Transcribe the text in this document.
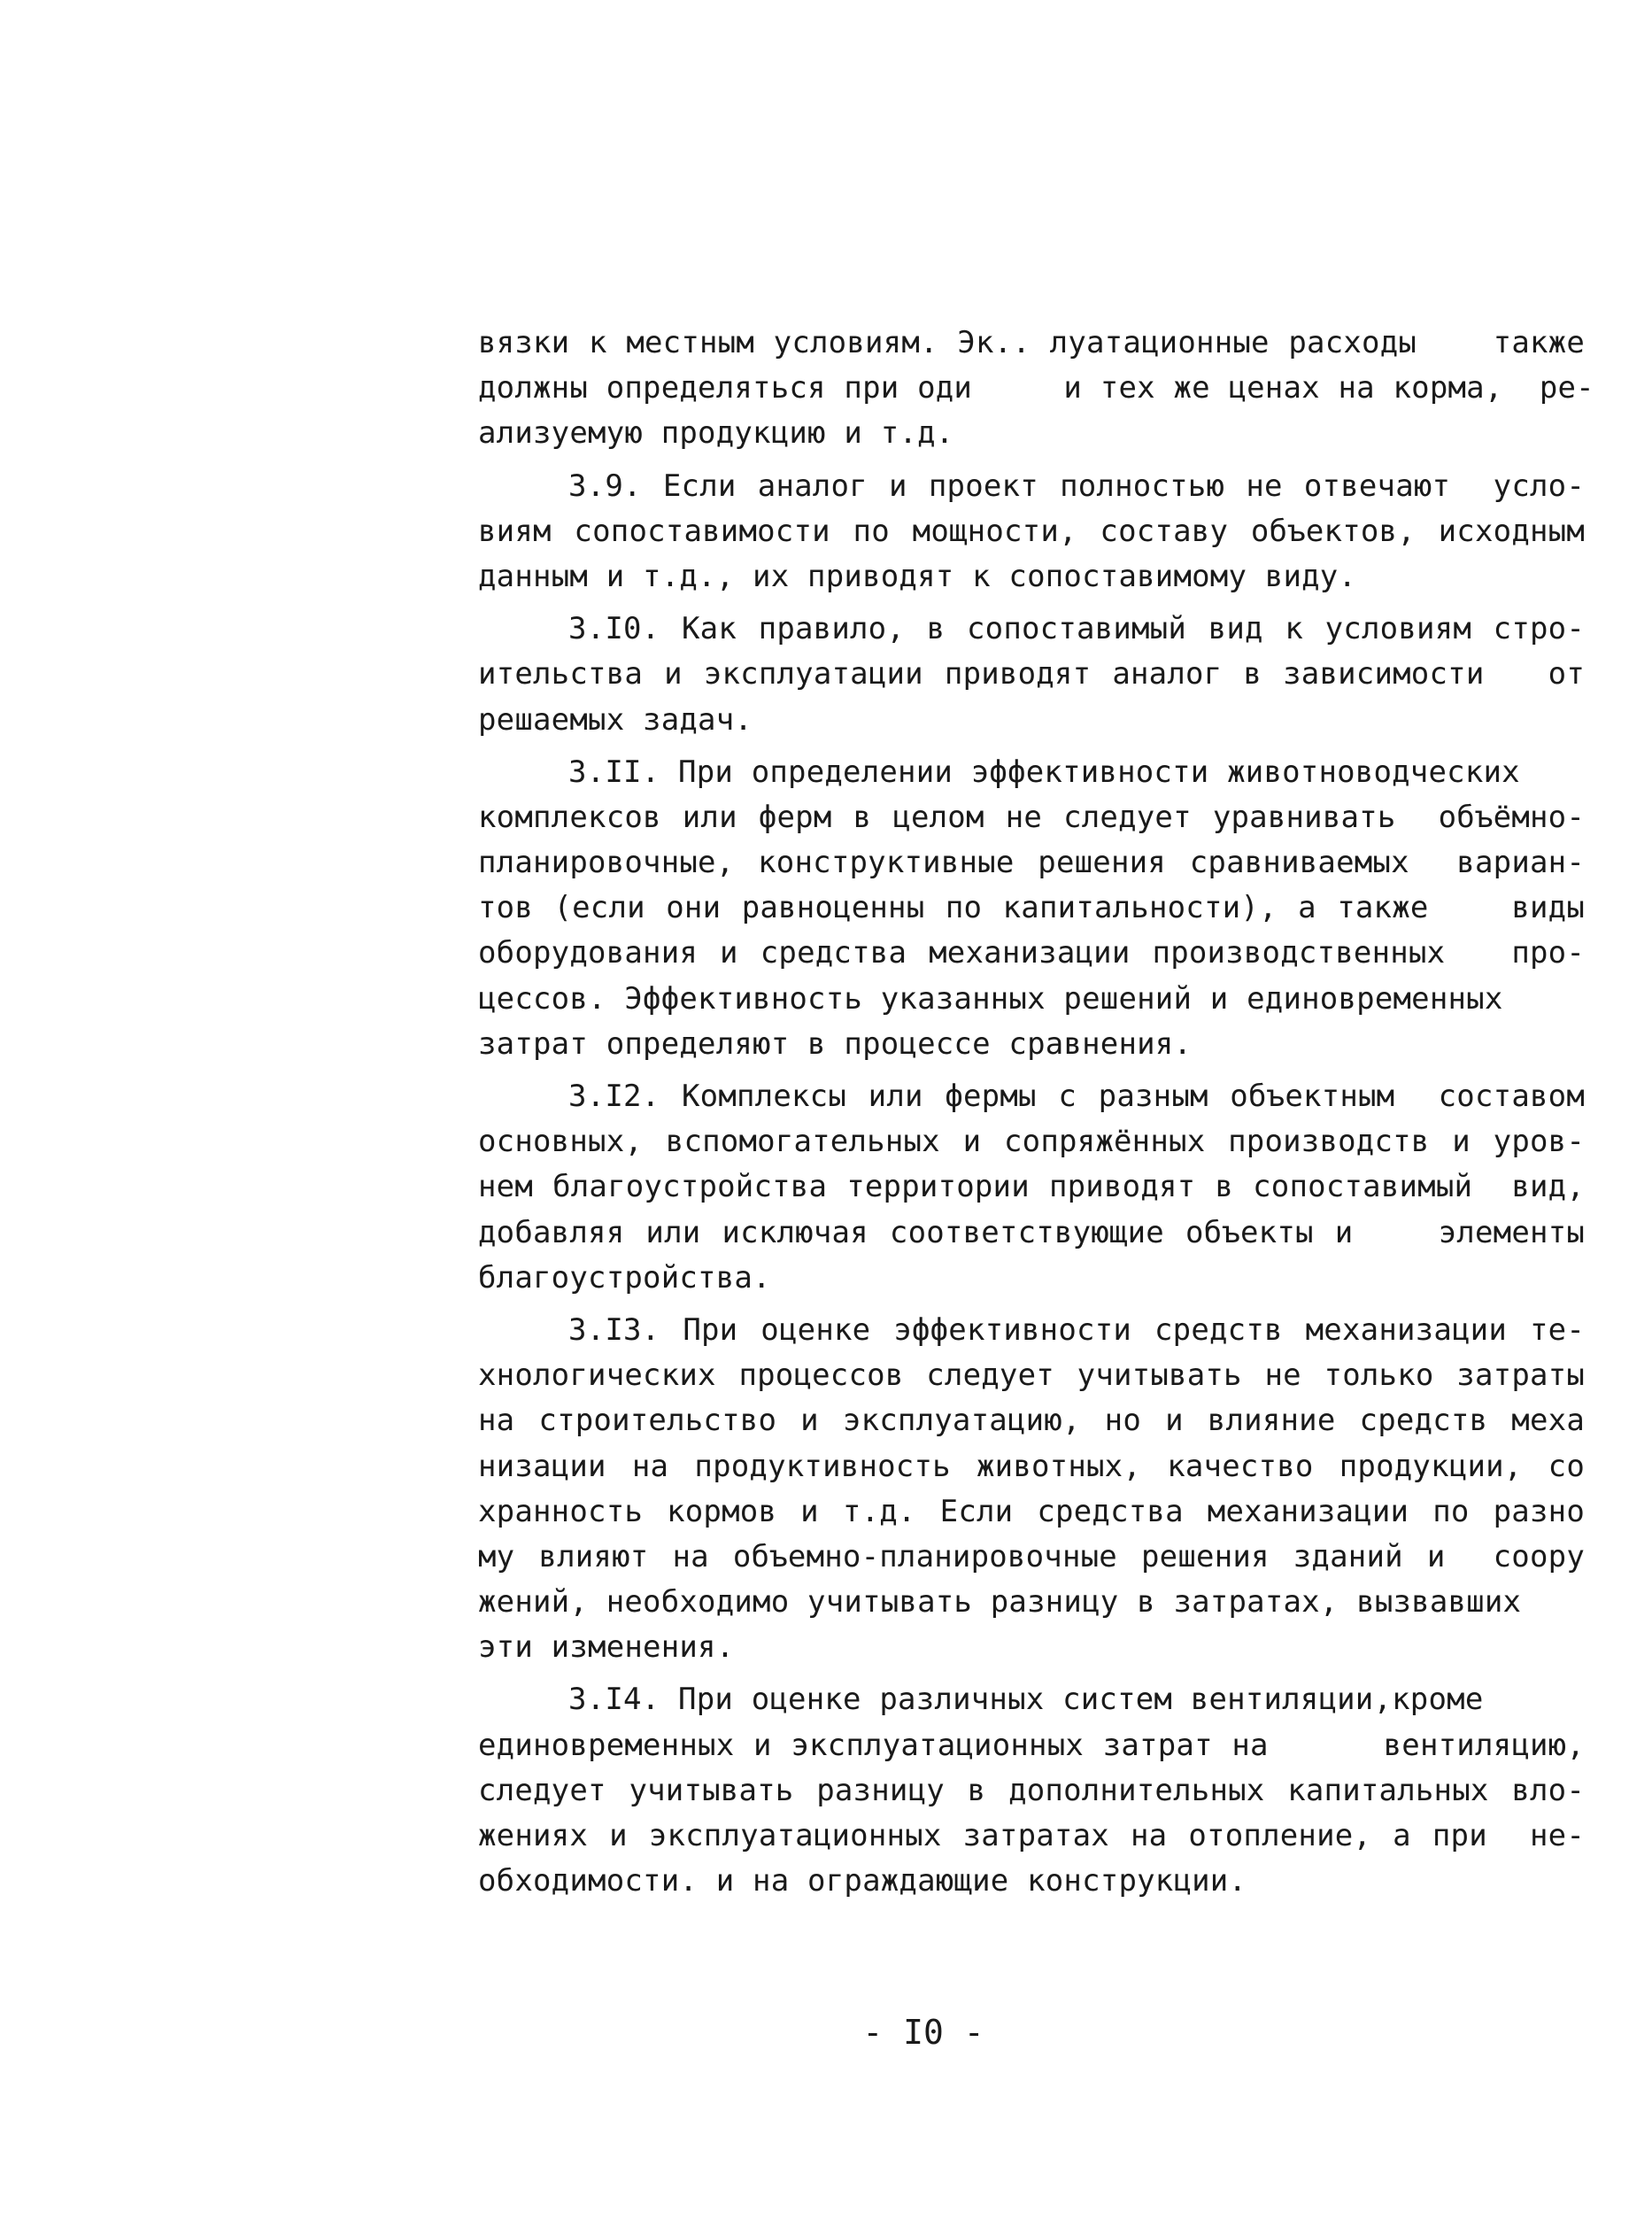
вязки к местным условиям. Эк.. луатационные расходы    также
должны определяться при оди     и тех же ценах на корма,  ре-
ализуемую продукцию и т.д.
3.9. Если аналог и проект полностью не отвечают  усло-
виям сопоставимости по мощности, составу объектов, исходным
данным и т.д., их приводят к сопоставимому виду.
3.I0. Как правило, в сопоставимый вид к условиям стро-
ительства и эксплуатации приводят аналог в зависимости   от
решаемых задач.
3.II. При определении эффективности животноводческих
комплексов или ферм в целом не следует уравнивать  объёмно-
планировочные, конструктивные решения сравниваемых  вариан-
тов (если они равноценны по капитальности), а также    виды
оборудования и средства механизации производственных   про-
цессов. Эффективность указанных решений и единовременных
затрат определяют в процессе сравнения.
3.I2. Комплексы или фермы с разным объектным  составом
основных, вспомогательных и сопряжённых производств и уров-
нем благоустройства территории приводят в сопоставимый  вид,
добавляя или исключая соответствующие объекты и    элементы
благоустройства.
3.I3. При оценке эффективности средств механизации те-
хнологических процессов следует учитывать не только затраты
на строительство и эксплуатацию, но и влияние средств меха
низации на продуктивность животных, качество продукции, со
хранность кормов и т.д. Если средства механизации по разно
му влияют на объемно-планировочные решения зданий и  соору
жений, необходимо учитывать разницу в затратах, вызвавших
эти изменения.
3.I4. При оценке различных систем вентиляции,кроме
единовременных и эксплуатационных затрат на      вентиляцию,
следует учитывать разницу в дополнительных капитальных вло-
жениях и эксплуатационных затратах на отопление, а при  не-
обходимости. и на ограждающие конструкции.
- I0 -
